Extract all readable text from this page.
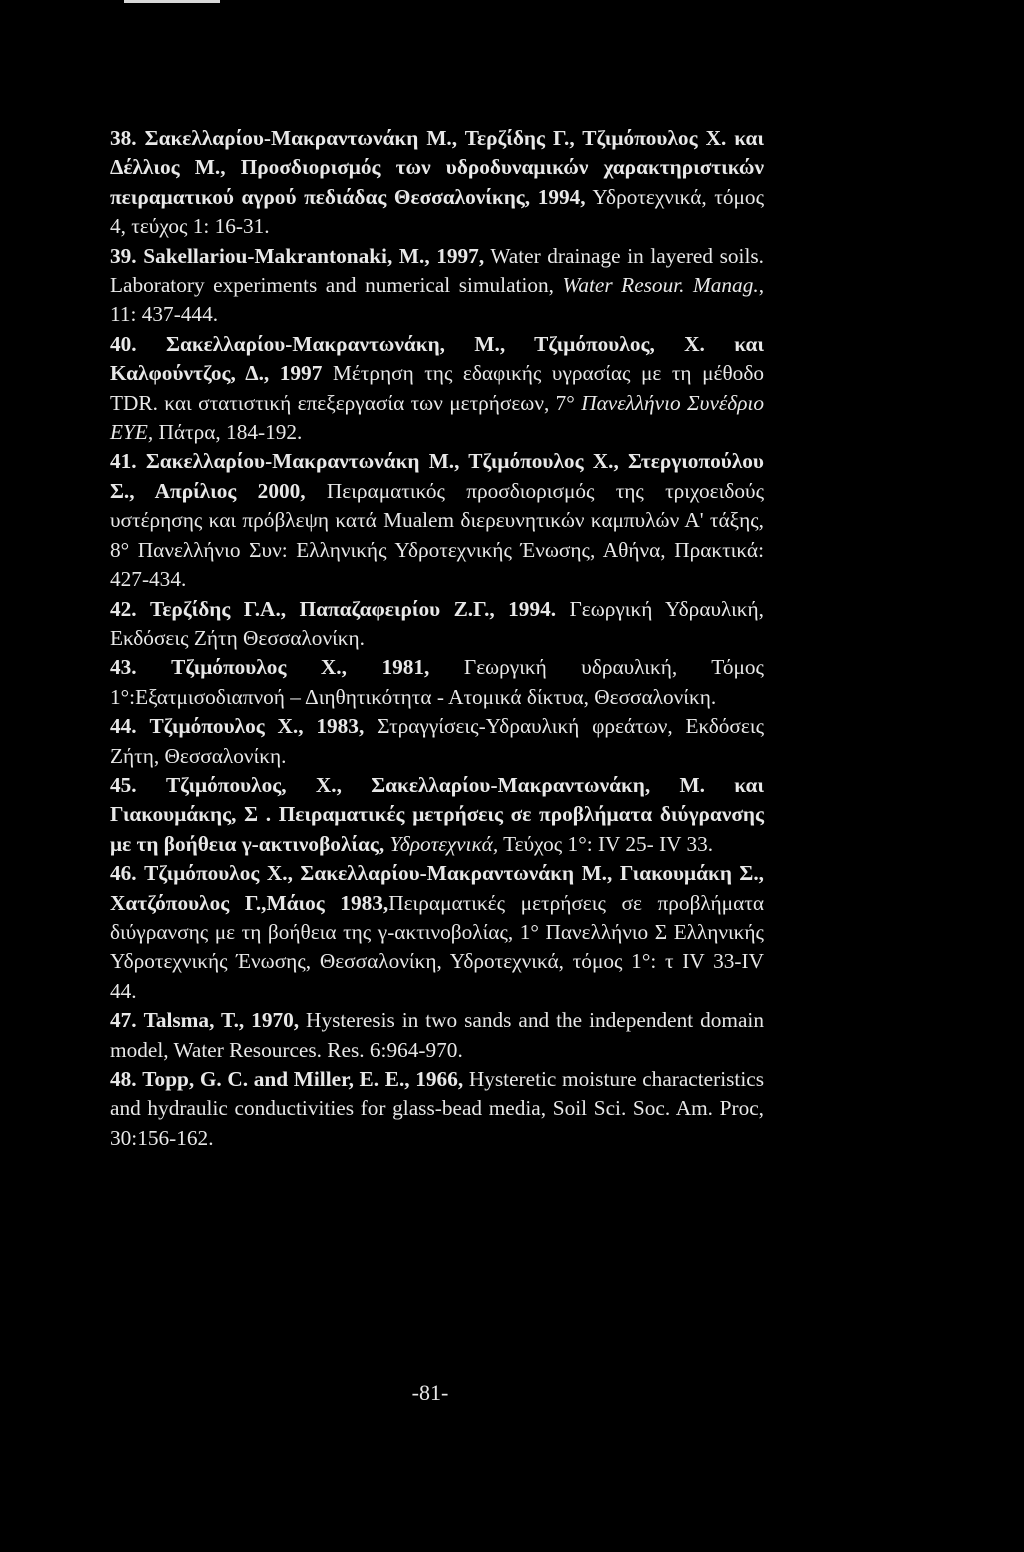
38. Σακελλαρίου-Μακραντωνάκη Μ., Τερζίδης Γ., Τζιμόπουλος Χ. και Δέλλιος Μ., Προσδιορισμός των υδροδυναμικών χαρακτηριστικών πειραματικού αγρού πεδιάδας Θεσσαλονίκης, 1994, Υδροτεχνικά, τόμος 4, τεύχος 1: 16-31.

39. Sakellariou-Makrantonaki, M., 1997, Water drainage in layered soils. Laboratory experiments and numerical simulation, Water Resour. Manag., 11: 437-444.

40. Σακελλαρίου-Μακραντωνάκη, Μ., Τζιμόπουλος, Χ. και Καλφούντζος, Δ., 1997 Μέτρηση της εδαφικής υγρασίας με τη μέθοδο TDR. και στατιστική επεξεργασία των μετρήσεων, 7° Πανελλήνιο Συνέδριο ΕΥΕ, Πάτρα, 184-192.

41. Σακελλαρίου-Μακραντωνάκη Μ., Τζιμόπουλος Χ., Στεργιοπούλου Σ., Απρίλιος 2000, Πειραματικός προσδιορισμός της τριχοειδούς υστέρησης και πρόβλεψη κατά Mualem διερευνητικών καμπυλών Α' τάξης, 8° Πανελλήνιο Συν: Ελληνικής Υδροτεχνικής Ένωσης, Αθήνα, Πρακτικά: 427-434.

42. Τερζίδης Γ.Α., Παπαζαφειρίου Ζ.Γ., 1994. Γεωργική Υδραυλική, Εκδόσεις Ζήτη Θεσσαλονίκη.

43. Τζιμόπουλος Χ., 1981, Γεωργική υδραυλική, Τόμος 1°:Εξατμισοδιαπνοή – Διηθητικότητα - Ατομικά δίκτυα, Θεσσαλονίκη.

44. Τζιμόπουλος Χ., 1983, Στραγγίσεις-Υδραυλική φρεάτων, Εκδόσεις Ζήτη, Θεσσαλονίκη.

45. Τζιμόπουλος, Χ., Σακελλαρίου-Μακραντωνάκη, Μ. και Γιακουμάκης, Σ . Πειραματικές μετρήσεις σε προβλήματα διύγρανσης με τη βοήθεια γ-ακτινοβολίας, Υδροτεχνικά, Τεύχος 1°: IV 25- IV 33.

46. Τζιμόπουλος Χ., Σακελλαρίου-Μακραντωνάκη Μ., Γιακουμάκη Σ., Χατζόπουλος Γ.,Μάιος 1983,Πειραματικές μετρήσεις σε προβλήματα διύγρανσης με τη βοήθεια της γ-ακτινοβολίας, 1° Πανελλήνιο Σ Ελληνικής Υδροτεχνικής Ένωσης, Θεσσαλονίκη, Υδροτεχνικά, τόμος 1°: τ IV 33-IV 44.

47. Talsma, T., 1970, Hysteresis in two sands and the independent domain model, Water Resources. Res. 6:964-970.

48. Topp, G. C. and Miller, E. E., 1966, Hysteretic moisture characteristics and hydraulic conductivities for glass-bead media, Soil Sci. Soc. Am. Proc, 30:156-162.

-81-
